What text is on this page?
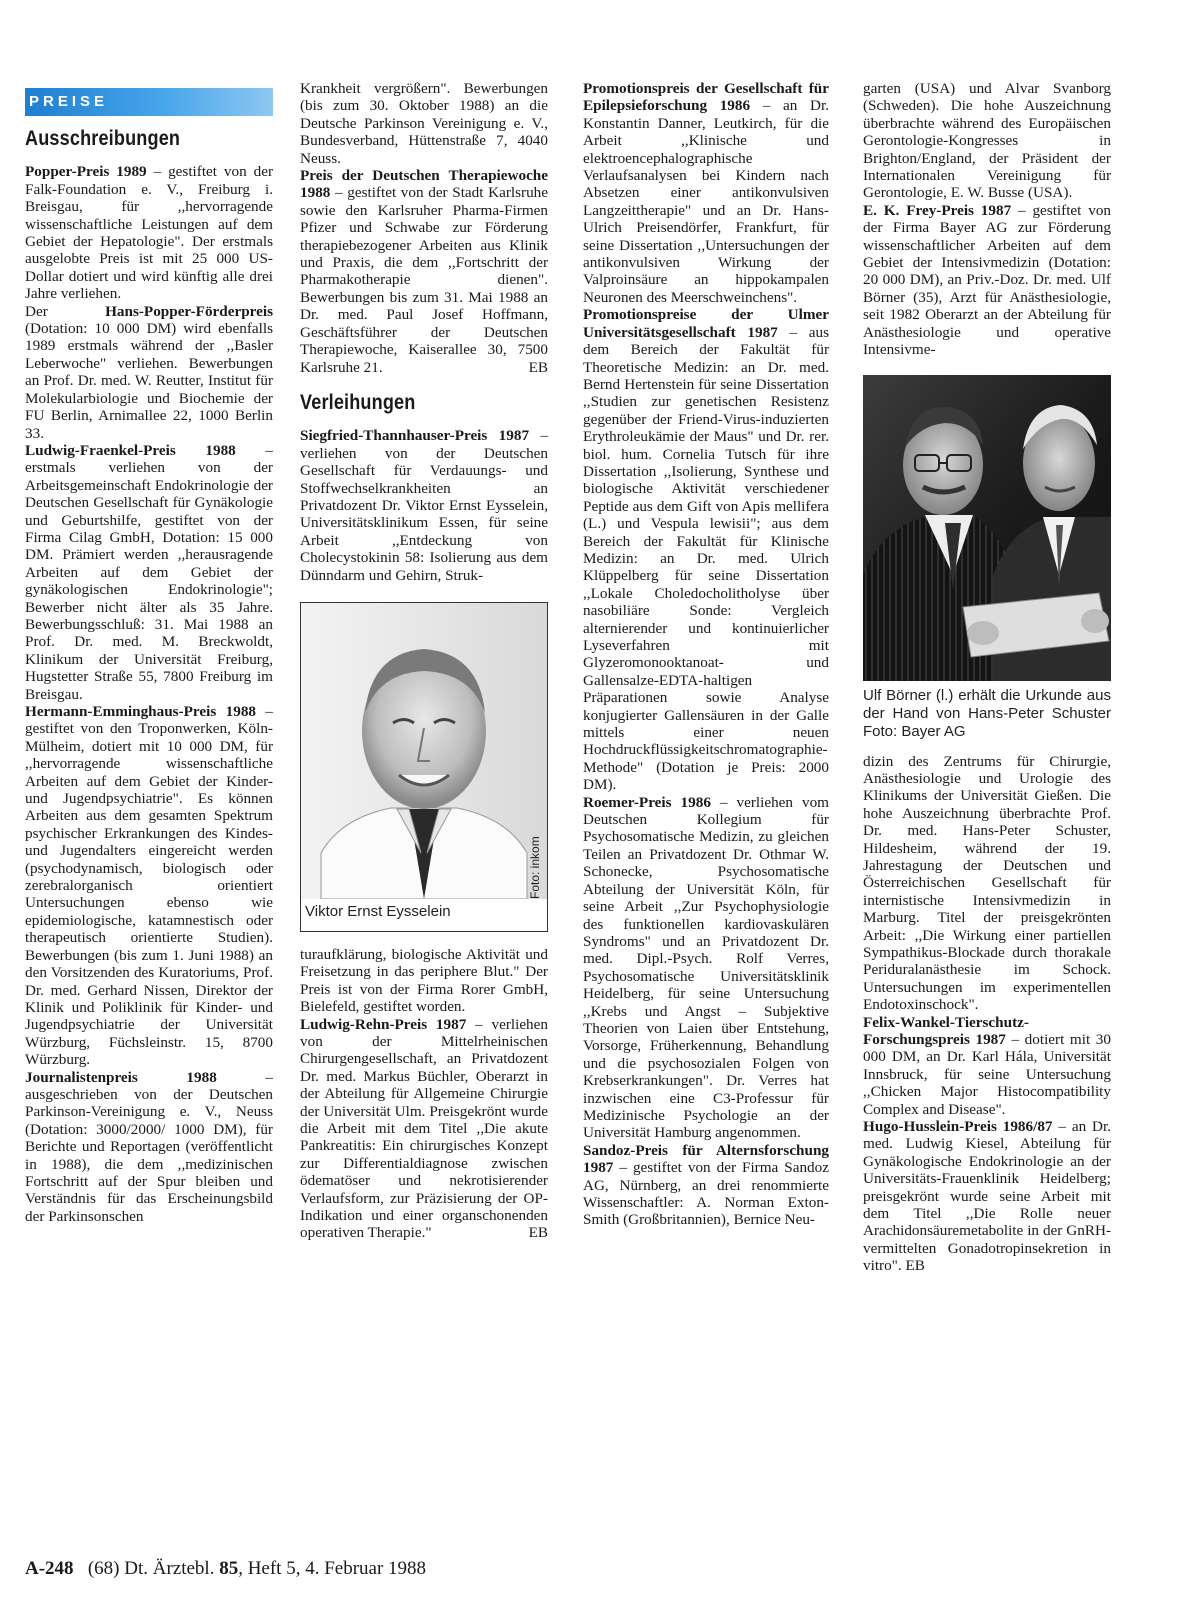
PREISE
Ausschreibungen

Popper-Preis 1989 – gestiftet von der Falk-Foundation e. V., Freiburg i. Breisgau, für ,,hervorragende wissenschaftliche Leistungen auf dem Gebiet der Hepatologie". Der erstmals ausgelobte Preis ist mit 25 000 US-Dollar dotiert und wird künftig alle drei Jahre verliehen.

Der Hans-Popper-Förderpreis (Dotation: 10 000 DM) wird ebenfalls 1989 erstmals während der ,,Basler Leberwoche" verliehen. Bewerbungen an Prof. Dr. med. W. Reutter, Institut für Molekularbiologie und Biochemie der FU Berlin, Arnimallee 22, 1000 Berlin 33.

Ludwig-Fraenkel-Preis 1988 – erstmals verliehen von der Arbeitsgemeinschaft Endokrinologie der Deutschen Gesellschaft für Gynäkologie und Geburtshilfe, gestiftet von der Firma Cilag GmbH, Dotation: 15 000 DM. Prämiert werden ,,herausragende Arbeiten auf dem Gebiet der gynäkologischen Endokrinologie"; Bewerber nicht älter als 35 Jahre. Bewerbungsschluß: 31. Mai 1988 an Prof. Dr. med. M. Breckwoldt, Klinikum der Universität Freiburg, Hugstetter Straße 55, 7800 Freiburg im Breisgau.

Hermann-Emminghaus-Preis 1988 – gestiftet von den Troponwerken, Köln-Mülheim, dotiert mit 10 000 DM, für ,,hervorragende wissenschaftliche Arbeiten auf dem Gebiet der Kinder- und Jugendpsychiatrie". Es können Arbeiten aus dem gesamten Spektrum psychischer Erkrankungen des Kindes- und Jugendalters eingereicht werden (psychodynamisch, biologisch oder zerebralorganisch orientiert Untersuchungen ebenso wie epidemiologische, katamnestisch oder therapeutisch orientierte Studien). Bewerbungen (bis zum 1. Juni 1988) an den Vorsitzenden des Kuratoriums, Prof. Dr. med. Gerhard Nissen, Direktor der Klinik und Poliklinik für Kinder- und Jugendpsychiatrie der Universität Würzburg, Füchsleinstr. 15, 8700 Würzburg.

Journalistenpreis 1988 – ausgeschrieben von der Deutschen Parkinson-Vereinigung e. V., Neuss (Dotation: 3000/2000/ 1000 DM), für Berichte und Reportagen (veröffentlicht in 1988), die dem ,,medizinischen Fortschritt auf der Spur bleiben und Verständnis für das Erscheinungsbild der Parkinsonschen

Krankheit vergrößern". Bewerbungen (bis zum 30. Oktober 1988) an die Deutsche Parkinson Vereinigung e. V., Bundesverband, Hüttenstraße 7, 4040 Neuss.

Preis der Deutschen Therapiewoche 1988 – gestiftet von der Stadt Karlsruhe sowie den Karlsruher Pharma-Firmen Pfizer und Schwabe zur Förderung therapiebezogener Arbeiten aus Klinik und Praxis, die dem ,,Fortschritt der Pharmakotherapie dienen". Bewerbungen bis zum 31. Mai 1988 an Dr. med. Paul Josef Hoffmann, Geschäftsführer der Deutschen Therapiewoche, Kaiserallee 30, 7500 Karlsruhe 21.	EB

Verleihungen

Siegfried-Thannhauser-Preis 1987 – verliehen von der Deutschen Gesellschaft für Verdauungs- und Stoffwechselkrankheiten an Privatdozent Dr. Viktor Ernst Eysselein, Universitätsklinikum Essen, für seine Arbeit ,,Entdeckung von Cholecystokinin 58: Isolierung aus dem Dünndarm und Gehirn, Struk-

Viktor Ernst Eysselein
Foto: inkom

turaufklärung, biologische Aktivität und Freisetzung in das periphere Blut." Der Preis ist von der Firma Rorer GmbH, Bielefeld, gestiftet worden.

Ludwig-Rehn-Preis 1987 – verliehen von der Mittelrheinischen Chirurgengesellschaft, an Privatdozent Dr. med. Markus Büchler, Oberarzt in der Abteilung für Allgemeine Chirurgie der Universität Ulm. Preisgekrönt wurde die Arbeit mit dem Titel ,,Die akute Pankreatitis: Ein chirurgisches Konzept zur Differentialdiagnose zwischen ödematöser und nekrotisierender Verlaufsform, zur Präzisierung der OP-Indikation und einer organschonenden operativen Therapie."	EB

Promotionspreis der Gesellschaft für Epilepsieforschung 1986 – an Dr. Konstantin Danner, Leutkirch, für die Arbeit ,,Klinische und elektroencephalographische Verlaufsanalysen bei Kindern nach Absetzen einer antikonvulsiven Langzeittherapie" und an Dr. Hans-Ulrich Preisendörfer, Frankfurt, für seine Dissertation ,,Untersuchungen der antikonvulsiven Wirkung der Valproinsäure an hippokampalen Neuronen des Meerschweinchens".

Promotionspreise der Ulmer Universitätsgesellschaft 1987 – aus dem Bereich der Fakultät für Theoretische Medizin: an Dr. med. Bernd Hertenstein für seine Dissertation ,,Studien zur genetischen Resistenz gegenüber der Friend-Virus-induzierten Erythroleukämie der Maus" und Dr. rer. biol. hum. Cornelia Tutsch für ihre Dissertation ,,Isolierung, Synthese und biologische Aktivität verschiedener Peptide aus dem Gift von Apis mellifera (L.) und Vespula lewisii"; aus dem Bereich der Fakultät für Klinische Medizin: an Dr. med. Ulrich Klüppelberg für seine Dissertation ,,Lokale Choledocholitholyse über nasobiliäre Sonde: Vergleich alternierender und kontinuierlicher Lyseverfahren mit Glyzeromonooktanoat- und Gallensalze-EDTA-haltigen Präparationen sowie Analyse konjugierter Gallensäuren in der Galle mittels einer neuen Hochdruckflüssigkeitschromatographie-Methode" (Dotation je Preis: 2000 DM).

Roemer-Preis 1986 – verliehen vom Deutschen Kollegium für Psychosomatische Medizin, zu gleichen Teilen an Privatdozent Dr. Othmar W. Schonecke, Psychosomatische Abteilung der Universität Köln, für seine Arbeit ,,Zur Psychophysiologie des funktionellen kardiovaskulären Syndroms" und an Privatdozent Dr. med. Dipl.-Psych. Rolf Verres, Psychosomatische Universitätsklinik Heidelberg, für seine Untersuchung ,,Krebs und Angst – Subjektive Theorien von Laien über Entstehung, Vorsorge, Früherkennung, Behandlung und die psychosozialen Folgen von Krebserkrankungen". Dr. Verres hat inzwischen eine C3-Professur für Medizinische Psychologie an der Universität Hamburg angenommen.

Sandoz-Preis für Alternsforschung 1987 – gestiftet von der Firma Sandoz AG, Nürnberg, an drei renommierte Wissenschaftler: A. Norman Exton-Smith (Großbritannien), Bernice Neu-

garten (USA) und Alvar Svanborg (Schweden). Die hohe Auszeichnung überbrachte während des Europäischen Gerontologie-Kongresses in Brighton/England, der Präsident der Internationalen Vereinigung für Gerontologie, E. W. Busse (USA).

E. K. Frey-Preis 1987 – gestiftet von der Firma Bayer AG zur Förderung wissenschaftlicher Arbeiten auf dem Gebiet der Intensivmedizin (Dotation: 20 000 DM), an Priv.-Doz. Dr. med. Ulf Börner (35), Arzt für Anästhesiologie, seit 1982 Oberarzt an der Abteilung für Anästhesiologie und operative Intensivme-

Ulf Börner (l.) erhält die Urkunde aus der Hand von Hans-Peter Schuster     Foto: Bayer AG

dizin des Zentrums für Chirurgie, Anästhesiologie und Urologie des Klinikums der Universität Gießen. Die hohe Auszeichnung überbrachte Prof. Dr. med. Hans-Peter Schuster, Hildesheim, während der 19. Jahrestagung der Deutschen und Österreichischen Gesellschaft für internistische Intensivmedizin in Marburg. Titel der preisgekrönten Arbeit: ,,Die Wirkung einer partiellen Sympathikus-Blockade durch thorakale Periduralanästhesie im Schock. Untersuchungen im experimentellen Endotoxinschock".

Felix-Wankel-Tierschutz-Forschungspreis 1987 – dotiert mit 30 000 DM, an Dr. Karl Hála, Universität Innsbruck, für seine Untersuchung ,,Chicken Major Histocompatibility Complex and Disease".

Hugo-Husslein-Preis 1986/87 – an Dr. med. Ludwig Kiesel, Abteilung für Gynäkologische Endokrinologie an der Universitäts-Frauenklinik Heidelberg; preisgekrönt wurde seine Arbeit mit dem Titel ,,Die Rolle neuer Arachidonsäuremetabolite in der GnRH-vermittelten Gonadotropinsekretion in vitro". EB

A-248 (68) Dt. Ärztebl. 85, Heft 5, 4. Februar 1988
